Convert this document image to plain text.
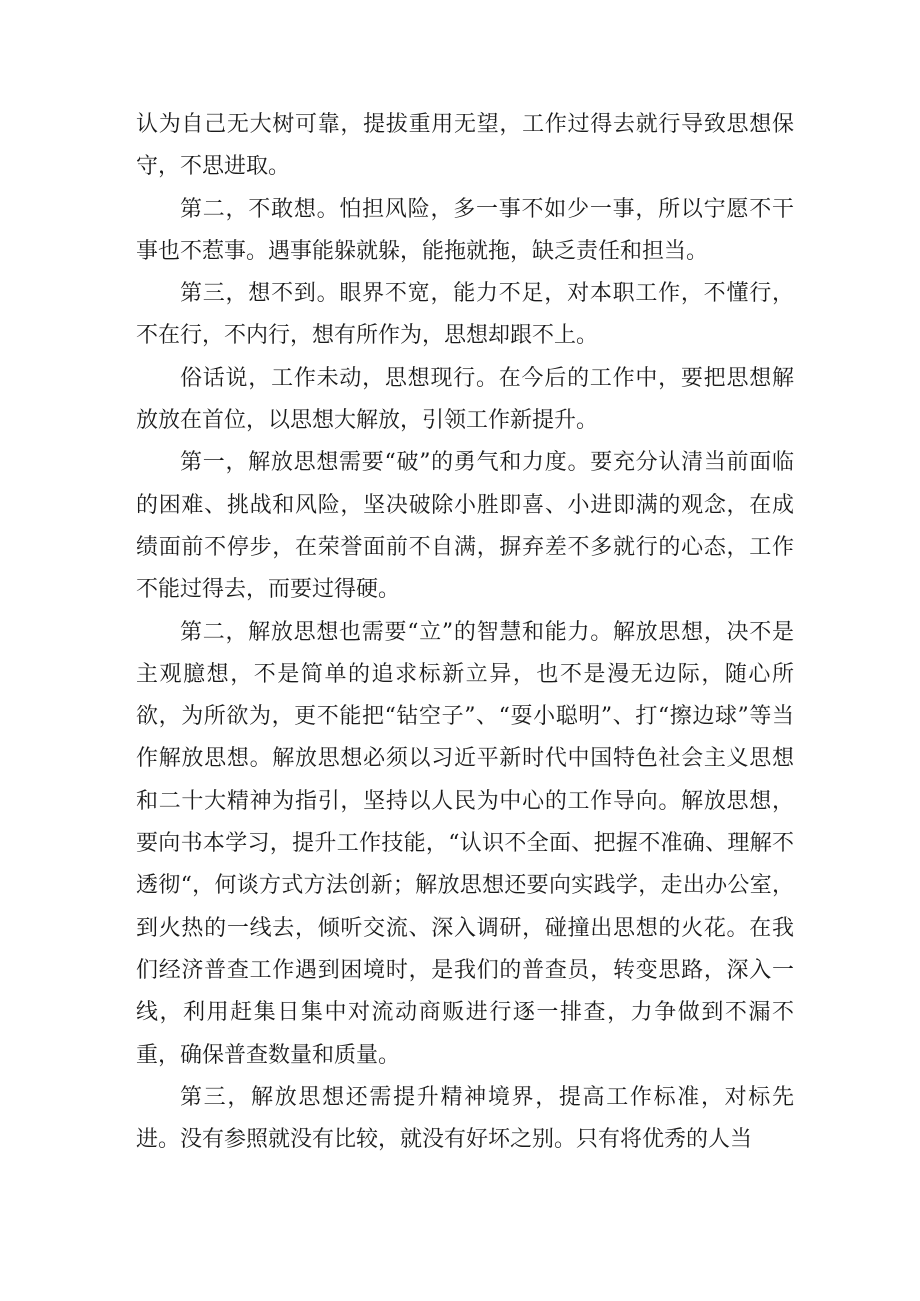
认为自己无大树可靠，提拔重用无望，工作过得去就行导致思想保守，不思进取。

第二，不敢想。怕担风险，多一事不如少一事，所以宁愿不干事也不惹事。遇事能躲就躲，能拖就拖，缺乏责任和担当。

第三，想不到。眼界不宽，能力不足，对本职工作，不懂行，不在行，不内行，想有所作为，思想却跟不上。

俗话说，工作未动，思想现行。在今后的工作中，要把思想解放放在首位，以思想大解放，引领工作新提升。

第一，解放思想需要“破”的勇气和力度。要充分认清当前面临的困难、挑战和风险，坚决破除小胜即喜、小进即满的观念，在成绩面前不停步，在荣誉面前不自满，摒弃差不多就行的心态，工作不能过得去，而要过得硬。

第二，解放思想也需要“立”的智慧和能力。解放思想，决不是主观臆想，不是简单的追求标新立异，也不是漫无边际，随心所欲，为所欲为，更不能把“钻空子”、“耍小聪明”、打“擦边球”等当作解放思想。解放思想必须以习近平新时代中国特色社会主义思想和二十大精神为指引，坚持以人民为中心的工作导向。解放思想，要向书本学习，提升工作技能，“认识不全面、把握不准确、理解不透彻“，何谈方式方法创新；解放思想还要向实践学，走出办公室，到火热的一线去，倾听交流、深入调研，碰撞出思想的火花。在我们经济普查工作遇到困境时，是我们的普查员，转变思路，深入一线，利用赶集日集中对流动商贩进行逐一排查，力争做到不漏不重，确保普查数量和质量。

第三，解放思想还需提升精神境界，提高工作标准，对标先进。没有参照就没有比较，就没有好坏之别。只有将优秀的人当
